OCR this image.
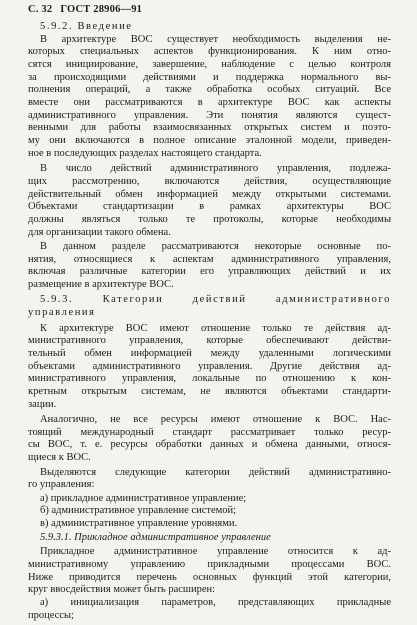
С. 32 ГОСТ 28906—91
5.9.2. Введение
В архитектуре ВОС существует необходимость выделения не-
которых специальных аспектов функционирования. К ним отно-
сятся инициирование, завершение, наблюдение с целью контроля
за происходящими действиями и поддержка нормального вы-
полнения операций, а также обработка особых ситуаций. Все
вместе они рассматриваются в архитектуре ВОС как аспекты
административного управления. Эти понятия являются сущест-
венными для работы взаимосвязанных открытых систем и поэто-
му они включаются в полное описание эталонной модели, приведен-
ное в последующих разделах настоящего стандарта.
В число действий административного управления, подлежа-
щих рассмотрению, включаются действия, осуществляющие
действительный обмен информацией между открытыми системами.
Объектами стандартизации в рамках архитектуры ВОС
должны являться только те протоколы, которые необходимы
для организации такого обмена.
В данном разделе рассматриваются некоторые основные по-
нятия, относящиеся к аспектам административного управления,
включая различные категории его управляющих действий и их
размещение в архитектуре ВОС.
5.9.3. Категории действий административного
управления
К архитектуре ВОС имеют отношение только те действия ад-
министративного управления, которые обеспечивают действи-
тельный обмен информацией между удаленными логическими
объектами административного управления. Другие действия ад-
министративного управления, локальные по отношению к кон-
кретным открытым системам, не являются объектами стандарти-
зации.
Аналогично, не все ресурсы имеют отношение к ВОС. Нас-
тоящий международный стандарт рассматривает только ресур-
сы ВОС, т. е. ресурсы обработки данных и обмена данными, относя-
щиеся к ВОС.
Выделяются следующие категории действий административно-
го управления:
а) прикладное административное управление;
б) административное управление системой;
в) административное управление уровнями.
5.9.3.1. Прикладное административное управление
Прикладное административное управление относится к ад-
министративному управлению прикладными процессами ВОС.
Ниже приводится перечень основных функций этой категории,
круг ввосдействия может быть расширен:
а) инициализация параметров, представляющих прикладные
процессы;
